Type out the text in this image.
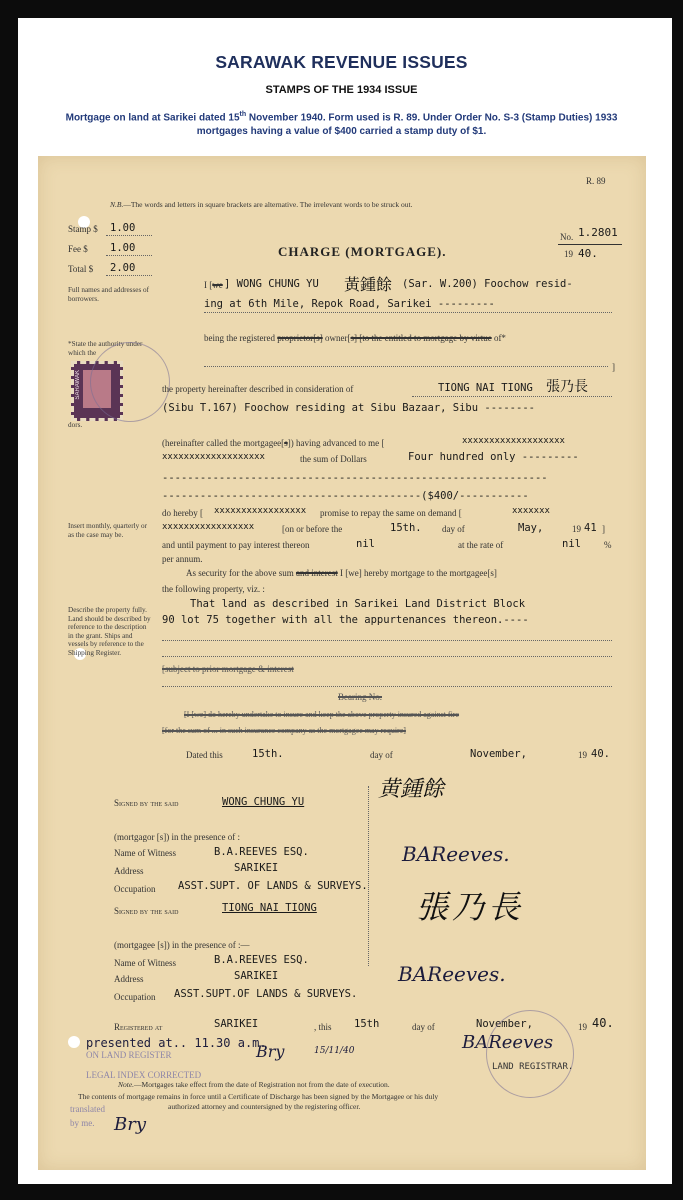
SARAWAK REVENUE ISSUES
STAMPS OF THE 1934 ISSUE
Mortgage on land at Sarikei dated 15th November 1940. Form used is R. 89. Under Order No. S-3 (Stamp Duties) 1933
mortgages having a value of $400 carried a stamp duty of $1.
R. 89
N.B.—The words and letters in square brackets are alternative. The irrelevant words to be struck out.
Stamp $ 1.00
Fee $ 1.00
Total $ 2.00
No. 1.2801
19 40.
CHARGE (MORTGAGE).
Full names and addresses of borrowers.
*State the authority under which the
dors.
Insert monthly, quarterly or as the case may be.
Describe the property fully. Land should be described by reference to the description in the grant. Ships and vessels by reference to the Shipping Register.
SARAWAK
I [we ] WONG CHUNG YU 黃鍾餘 (Sar. W.200) Foochow resid-
ing at 6th Mile, Repok Road, Sarikei ---------
being the registered proprietor[s] owner[s] [to the entitled to mortgage by virtue of*
]
the property hereinafter described in consideration of	TIONG NAI TIONG 張乃長
(Sibu T.167) Foochow residing at Sibu Bazaar, Sibu --------
(hereinafter called the mortgagee[s]) having advanced to me [	xxxxxxxxxxxxxxxxxxx
xxxxxxxxxxxxxxxxxxx	the sum of Dollars	Four hundred only ---------
-------------------------------------------------------------
-----------------------------------------($400/-----------
do hereby [ xxxxxxxxxxxxxxxxx promise to repay the same on demand [	xxxxxxx
xxxxxxxxxxxxxxxxx	[on or before the	15th. day of	May,	19 41 ]
and until payment to pay interest thereon	nil	at the rate of	nil	%
per annum.
As security for the above sum and interest I [we] hereby mortgage to the mortgagee[s]
the following property, viz. :
That land as described in Sarikei Land District Block
90 lot 75 together with all the appurtenances thereon.----
[subject to prior mortgage & interest
Bearing No.
[I [we] do hereby undertake to insure and keep the above property insured against fire
[for the sum of ... in such insurance company as the mortgagee may require]
Dated this	15th.	day of	November,	19 40.
Signed by the said	WONG CHUNG YU	黄鍾餘
(mortgagor [s]) in the presence of :
Name of Witness	B.A.REEVES ESQ.
Address	SARIKEI
Occupation ASST.SUPT. OF LANDS & SURVEYS.
BAReeves.
Signed by the said	TIONG NAI TIONG	張乃長
(mortgagee [s]) in the presence of :—
Name of Witness	B.A.REEVES ESQ.
Address	SARIKEI
Occupation ASST.SUPT.OF LANDS & SURVEYS.
BAReeves.
Registered at	SARIKEI	, this 15th	day of	November,	19 40.
presented at.. 11.30 a.m.
Bry	15/11/40
ON LAND REGISTER
LEGAL INDEX CORRECTED
BAReeves
LAND REGISTRAR.
Note.—Mortgages take effect from the date of Registration not from the date of execution.
The contents of mortgage remains in force until a Certificate of Discharge has been signed by the Mortgagee or his duly
authorized attorney and countersigned by the registering officer.
translated
by me. Bry
